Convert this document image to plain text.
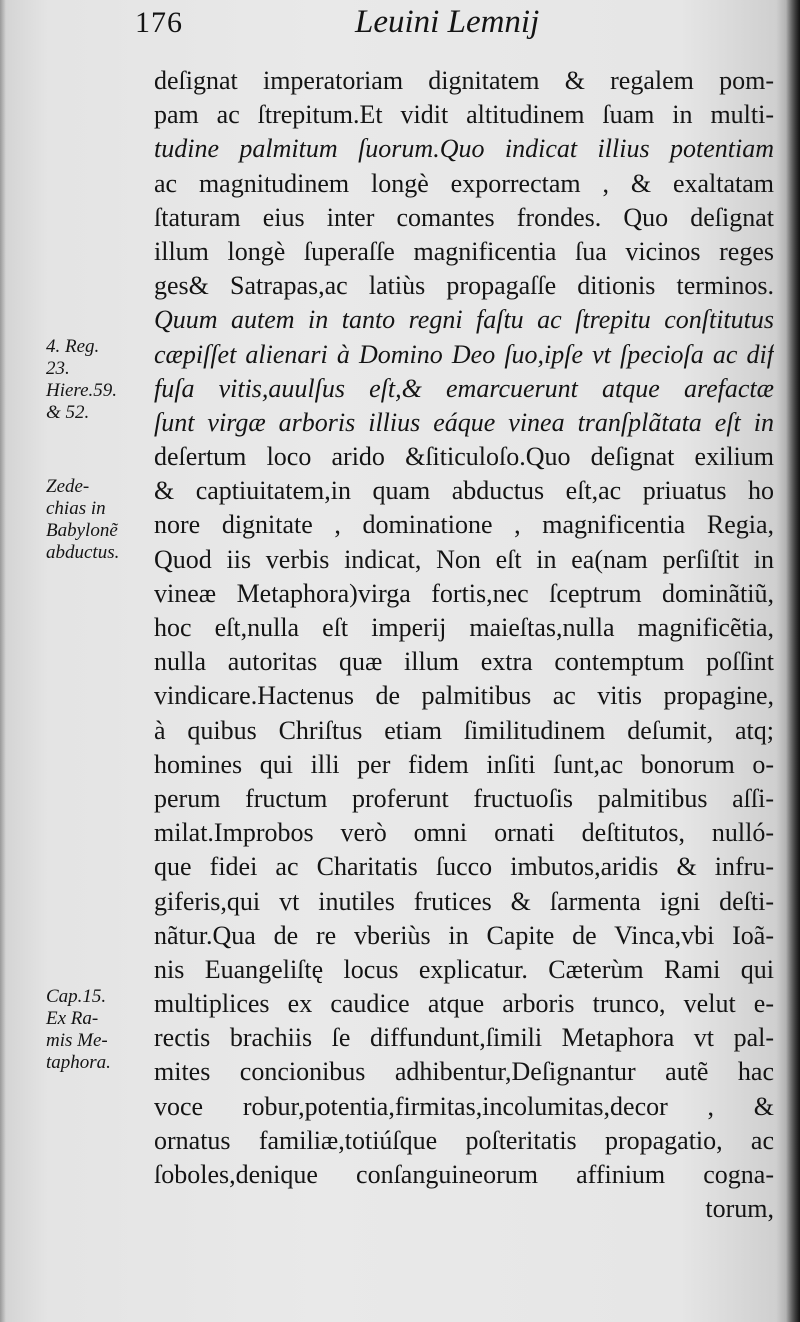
176	Leuini Lemnij
4. Reg.
23.
Hiere.59.
& 52.
Zede-
chias in
Babylonẽ
abductus.
Cap.15.
Ex Ra-
mis Me-
taphora.
deſignat imperatoriam dignitatem & regalem pom-
pam ac ſtrepitum.Et vidit altitudinem ſuam in multi-
tudine palmitum ſuorum.Quo indicat illius potentiam
ac magnitudinem longè exporrectam , & exaltatam
ſtaturam eius inter comantes frondes. Quo deſignat
illum longè ſuperaſſe magnificentia ſua vicinos reges
ges& Satrapas,ac latiùs propagaſſe ditionis terminos.
Quum autem in tanto regni faſtu ac ſtrepitu conſtitutus
cæpiſſet alienari à Domino Deo ſuo,ipſe vt ſpecioſa ac dif
fuſa vitis,auulſus eſt,& emarcuerunt atque arefactæ
ſunt virgæ arboris illius eáque vinea tranſplãtata eſt in
deſertum loco arido &ſiticuloſo.Quo deſignat exilium
& captiuitatem,in quam abductus eſt,ac priuatus ho
nore dignitate , dominatione , magnificentia Regia,
Quod iis verbis indicat, Non eſt in ea(nam perſiſtit in
vineæ Metaphora)virga fortis,nec ſceptrum dominãtiũ,
hoc eſt,nulla eſt imperij maieſtas,nulla magnificẽtia,
nulla autoritas quæ illum extra contemptum poſſint
vindicare.Hactenus de palmitibus ac vitis propagine,
à quibus Chriſtus etiam ſimilitudinem deſumit, atq;
homines qui illi per fidem inſiti ſunt,ac bonorum o-
perum fructum proferunt fructuoſis palmitibus aſſi-
milat.Improbos verò omni ornati deſtitutos, nulló-
que fidei ac Charitatis ſucco imbutos,aridis & infru-
giferis,qui vt inutiles frutices & ſarmenta igni deſti-
nãtur.Qua de re vberiùs in Capite de Vinca,vbi Ioã-
nis Euangeliſtę locus explicatur. Cæterùm Rami qui
multiplices ex caudice atque arboris trunco, velut e-
rectis brachiis ſe diffundunt,ſimili Metaphora vt pal-
mites concionibus adhibentur,Deſignantur autẽ hac
voce robur,potentia,firmitas,incolumitas,decor , &
ornatus familiæ,totiúſque poſteritatis propagatio, ac
ſoboles,denique conſanguineorum affinium cogna-
torum,
